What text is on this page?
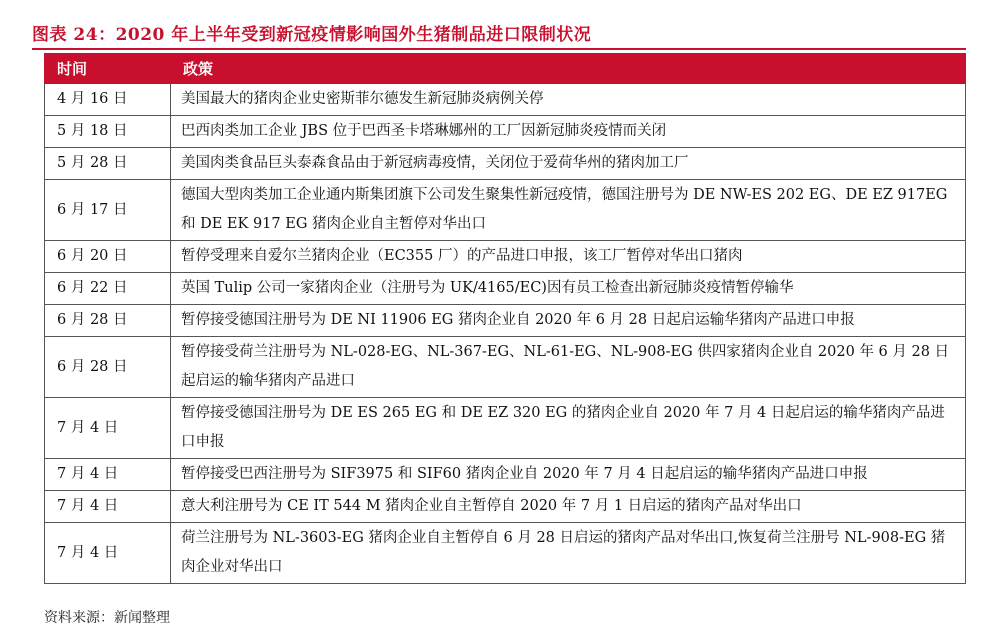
图表 24：2020 年上半年受到新冠疫情影响国外生猪制品进口限制状况
时间	政策
4 月 16 日	美国最大的猪肉企业史密斯菲尔德发生新冠肺炎病例关停
5 月 18 日	巴西肉类加工企业 JBS 位于巴西圣卡塔琳娜州的工厂因新冠肺炎疫情而关闭
5 月 28 日	美国肉类食品巨头泰森食品由于新冠病毒疫情，关闭位于爱荷华州的猪肉加工厂
6 月 17 日	德国大型肉类加工企业通内斯集团旗下公司发生聚集性新冠疫情，德国注册号为 DE NW-ES 202 EG、DE EZ 917EG 和 DE EK 917 EG 猪肉企业自主暂停对华出口
6 月 20 日	暂停受理来自爱尔兰猪肉企业（EC355 厂）的产品进口申报，该工厂暂停对华出口猪肉
6 月 22 日	英国 Tulip 公司一家猪肉企业（注册号为 UK/4165/EC)因有员工检查出新冠肺炎疫情暂停输华
6 月 28 日	暂停接受德国注册号为 DE NI 11906 EG 猪肉企业自 2020 年 6 月 28 日起启运输华猪肉产品进口申报
6 月 28 日	暂停接受荷兰注册号为 NL-028-EG、NL-367-EG、NL-61-EG、NL-908-EG 供四家猪肉企业自 2020 年 6 月 28 日起启运的输华猪肉产品进口
7 月 4 日	暂停接受德国注册号为 DE ES 265 EG 和 DE EZ 320 EG 的猪肉企业自 2020 年 7 月 4 日起启运的输华猪肉产品进口申报
7 月 4 日	暂停接受巴西注册号为 SIF3975 和 SIF60 猪肉企业自 2020 年 7 月 4 日起启运的输华猪肉产品进口申报
7 月 4 日	意大利注册号为 CE IT 544 M 猪肉企业自主暂停自 2020 年 7 月 1 日启运的猪肉产品对华出口
7 月 4 日	荷兰注册号为 NL-3603-EG 猪肉企业自主暂停自 6 月 28 日启运的猪肉产品对华出口,恢复荷兰注册号 NL-908-EG 猪肉企业对华出口
资料来源：新闻整理
